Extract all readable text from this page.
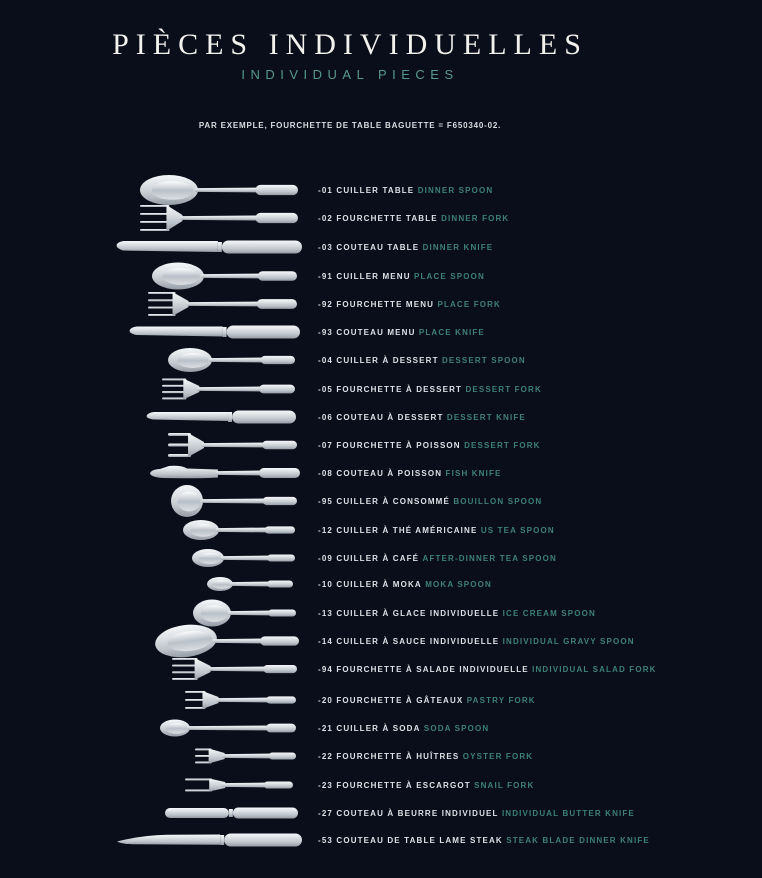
PIÈCES INDIVIDUELLES
INDIVIDUAL PIECES
PAR EXEMPLE, FOURCHETTE DE TABLE BAGUETTE = F650340-02.
-01 CUILLER TABLE DINNER SPOON
-02 FOURCHETTE TABLE DINNER FORK
-03 COUTEAU TABLE DINNER KNIFE
-91 CUILLER MENU PLACE SPOON
-92 FOURCHETTE MENU PLACE FORK
-93 COUTEAU MENU PLACE KNIFE
-04 CUILLER À DESSERT DESSERT SPOON
-05 FOURCHETTE À DESSERT DESSERT FORK
-06 COUTEAU À DESSERT DESSERT KNIFE
-07 FOURCHETTE À POISSON DESSERT FORK
-08 COUTEAU À POISSON FISH KNIFE
-95 CUILLER À CONSOMMÉ BOUILLON SPOON
-12 CUILLER À THÉ AMÉRICAINE US TEA SPOON
-09 CUILLER À CAFÉ AFTER-DINNER TEA SPOON
-10 CUILLER À MOKA MOKA SPOON
-13 CUILLER À GLACE INDIVIDUELLE ICE CREAM SPOON
-14 CUILLER À SAUCE INDIVIDUELLE INDIVIDUAL GRAVY SPOON
-94 FOURCHETTE À SALADE INDIVIDUELLE INDIVIDUAL SALAD FORK
-20 FOURCHETTE À GÂTEAUX PASTRY FORK
-21 CUILLER À SODA SODA SPOON
-22 FOURCHETTE À HUÎTRES OYSTER FORK
-23 FOURCHETTE À ESCARGOT SNAIL FORK
-27 COUTEAU À BEURRE INDIVIDUEL INDIVIDUAL BUTTER KNIFE
-53 COUTEAU DE TABLE LAME STEAK STEAK BLADE DINNER KNIFE
